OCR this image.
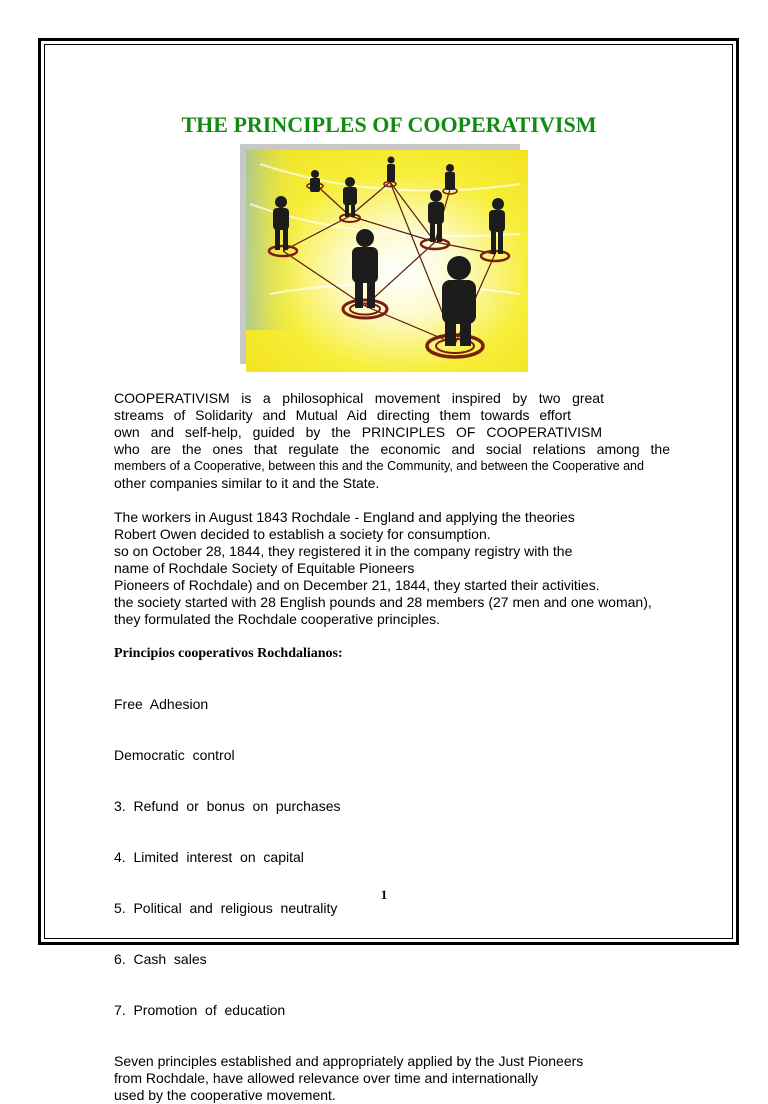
THE PRINCIPLES OF COOPERATIVISM

COOPERATIVISM is a philosophical movement inspired by two great

streams of Solidarity and Mutual Aid directing them towards effort

own and self-help, guided by the PRINCIPLES OF COOPERATIVISM

who are the ones that regulate the economic and social relations among the

members of a Cooperative, between this and the Community, and between the Cooperative and

other companies similar to it and the State.

The workers in August 1843 Rochdale - England and applying the theories

Robert Owen decided to establish a society for consumption.

so on October 28, 1844, they registered it in the company registry with the

name of Rochdale Society of Equitable Pioneers

Pioneers of Rochdale) and on December 21, 1844, they started their activities.

the society started with 28 English pounds and 28 members (27 men and one woman),

they formulated the Rochdale cooperative principles.

Principios cooperativos Rochdalianos:

Free  Adhesion

Democratic  control

3.  Refund  or  bonus  on  purchases

4.  Limited  interest  on  capital

5.  Political  and  religious  neutrality

6.  Cash  sales

7.  Promotion  of  education

Seven principles established and appropriately applied by the Just Pioneers

from Rochdale, have allowed relevance over time and internationally

used by the cooperative movement.

1
